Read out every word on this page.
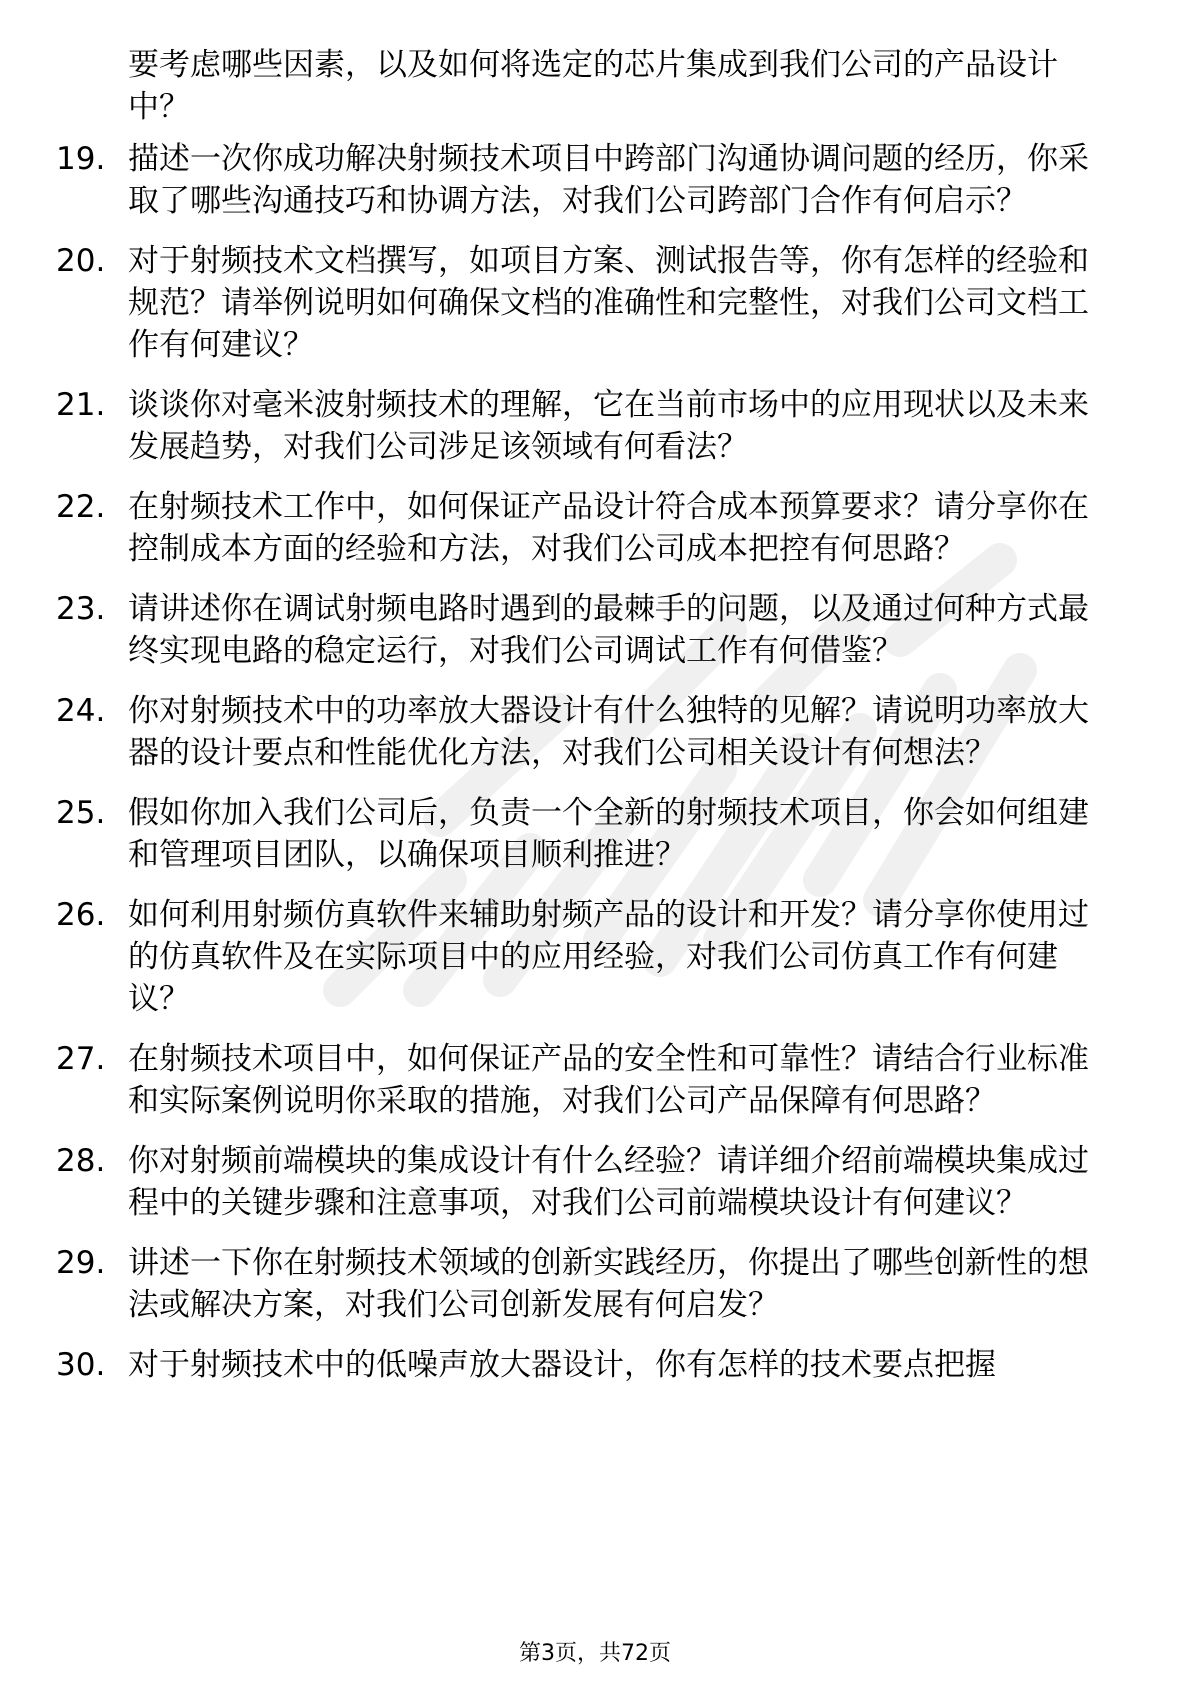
要考虑哪些因素，以及如何将选定的芯片集成到我们公司的产品设计中？

19. 描述一次你成功解决射频技术项目中跨部门沟通协调问题的经历，你采取了哪些沟通技巧和协调方法，对我们公司跨部门合作有何启示？
20. 对于射频技术文档撰写，如项目方案、测试报告等，你有怎样的经验和规范？请举例说明如何确保文档的准确性和完整性，对我们公司文档工作有何建议？
21. 谈谈你对毫米波射频技术的理解，它在当前市场中的应用现状以及未来发展趋势，对我们公司涉足该领域有何看法？
22. 在射频技术工作中，如何保证产品设计符合成本预算要求？请分享你在控制成本方面的经验和方法，对我们公司成本把控有何思路？
23. 请讲述你在调试射频电路时遇到的最棘手的问题，以及通过何种方式最终实现电路的稳定运行，对我们公司调试工作有何借鉴？
24. 你对射频技术中的功率放大器设计有什么独特的见解？请说明功率放大器的设计要点和性能优化方法，对我们公司相关设计有何想法？
25. 假如你加入我们公司后，负责一个全新的射频技术项目，你会如何组建和管理项目团队，以确保项目顺利推进？
26. 如何利用射频仿真软件来辅助射频产品的设计和开发？请分享你使用过的仿真软件及在实际项目中的应用经验，对我们公司仿真工作有何建议？
27. 在射频技术项目中，如何保证产品的安全性和可靠性？请结合行业标准和实际案例说明你采取的措施，对我们公司产品保障有何思路？
28. 你对射频前端模块的集成设计有什么经验？请详细介绍前端模块集成过程中的关键步骤和注意事项，对我们公司前端模块设计有何建议？
29. 讲述一下你在射频技术领域的创新实践经历，你提出了哪些创新性的想法或解决方案，对我们公司创新发展有何启发？
30. 对于射频技术中的低噪声放大器设计，你有怎样的技术要点把握
第3页，共72页
